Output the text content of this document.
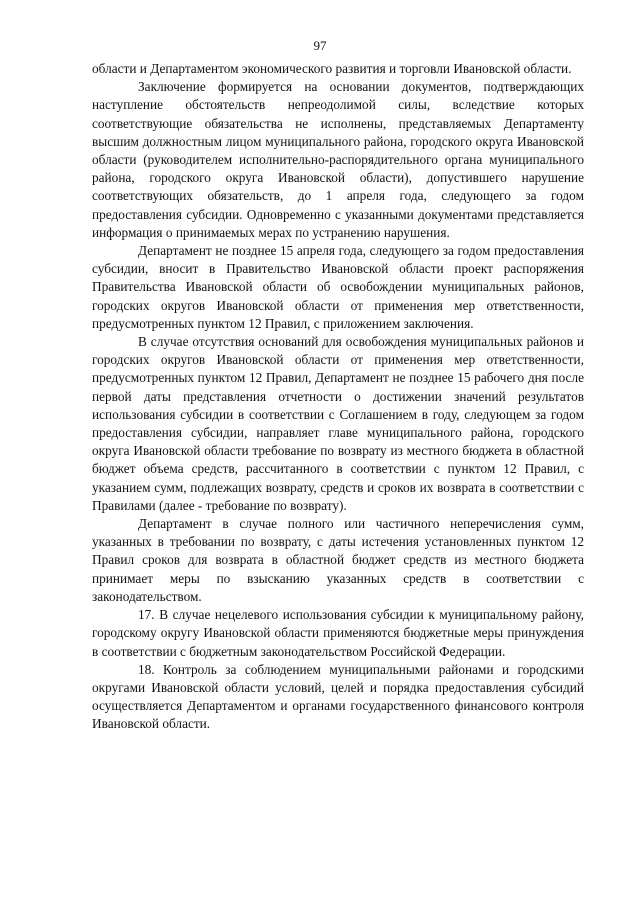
97

области и Департаментом экономического развития и торговли Ивановской области.

Заключение формируется на основании документов, подтверждающих наступление обстоятельств непреодолимой силы, вследствие которых соответствующие обязательства не исполнены, представляемых Департаменту высшим должностным лицом муниципального района, городского округа Ивановской области (руководителем исполнительно-распорядительного органа муниципального района, городского округа Ивановской области), допустившего нарушение соответствующих обязательств, до 1 апреля года, следующего за годом предоставления субсидии. Одновременно с указанными документами представляется информация о принимаемых мерах по устранению нарушения.

Департамент не позднее 15 апреля года, следующего за годом предоставления субсидии, вносит в Правительство Ивановской области проект распоряжения Правительства Ивановской области об освобождении муниципальных районов, городских округов Ивановской области от применения мер ответственности, предусмотренных пунктом 12 Правил, с приложением заключения.

В случае отсутствия оснований для освобождения муниципальных районов и городских округов Ивановской области от применения мер ответственности, предусмотренных пунктом 12 Правил, Департамент не позднее 15 рабочего дня после первой даты представления отчетности о достижении значений результатов использования субсидии в соответствии с Соглашением в году, следующем за годом предоставления субсидии, направляет главе муниципального района, городского округа Ивановской области требование по возврату из местного бюджета в областной бюджет объема средств, рассчитанного в соответствии с пунктом 12 Правил, с указанием сумм, подлежащих возврату, средств и сроков их возврата в соответствии с Правилами (далее - требование по возврату).

Департамент в случае полного или частичного неперечисления сумм, указанных в требовании по возврату, с даты истечения установленных пунктом 12 Правил сроков для возврата в областной бюджет средств из местного бюджета принимает меры по взысканию указанных средств в соответствии с законодательством.

17. В случае нецелевого использования субсидии к муниципальному району, городскому округу Ивановской области применяются бюджетные меры принуждения в соответствии с бюджетным законодательством Российской Федерации.

18. Контроль за соблюдением муниципальными районами и городскими округами Ивановской области условий, целей и порядка предоставления субсидий осуществляется Департаментом и органами государственного финансового контроля Ивановской области.
